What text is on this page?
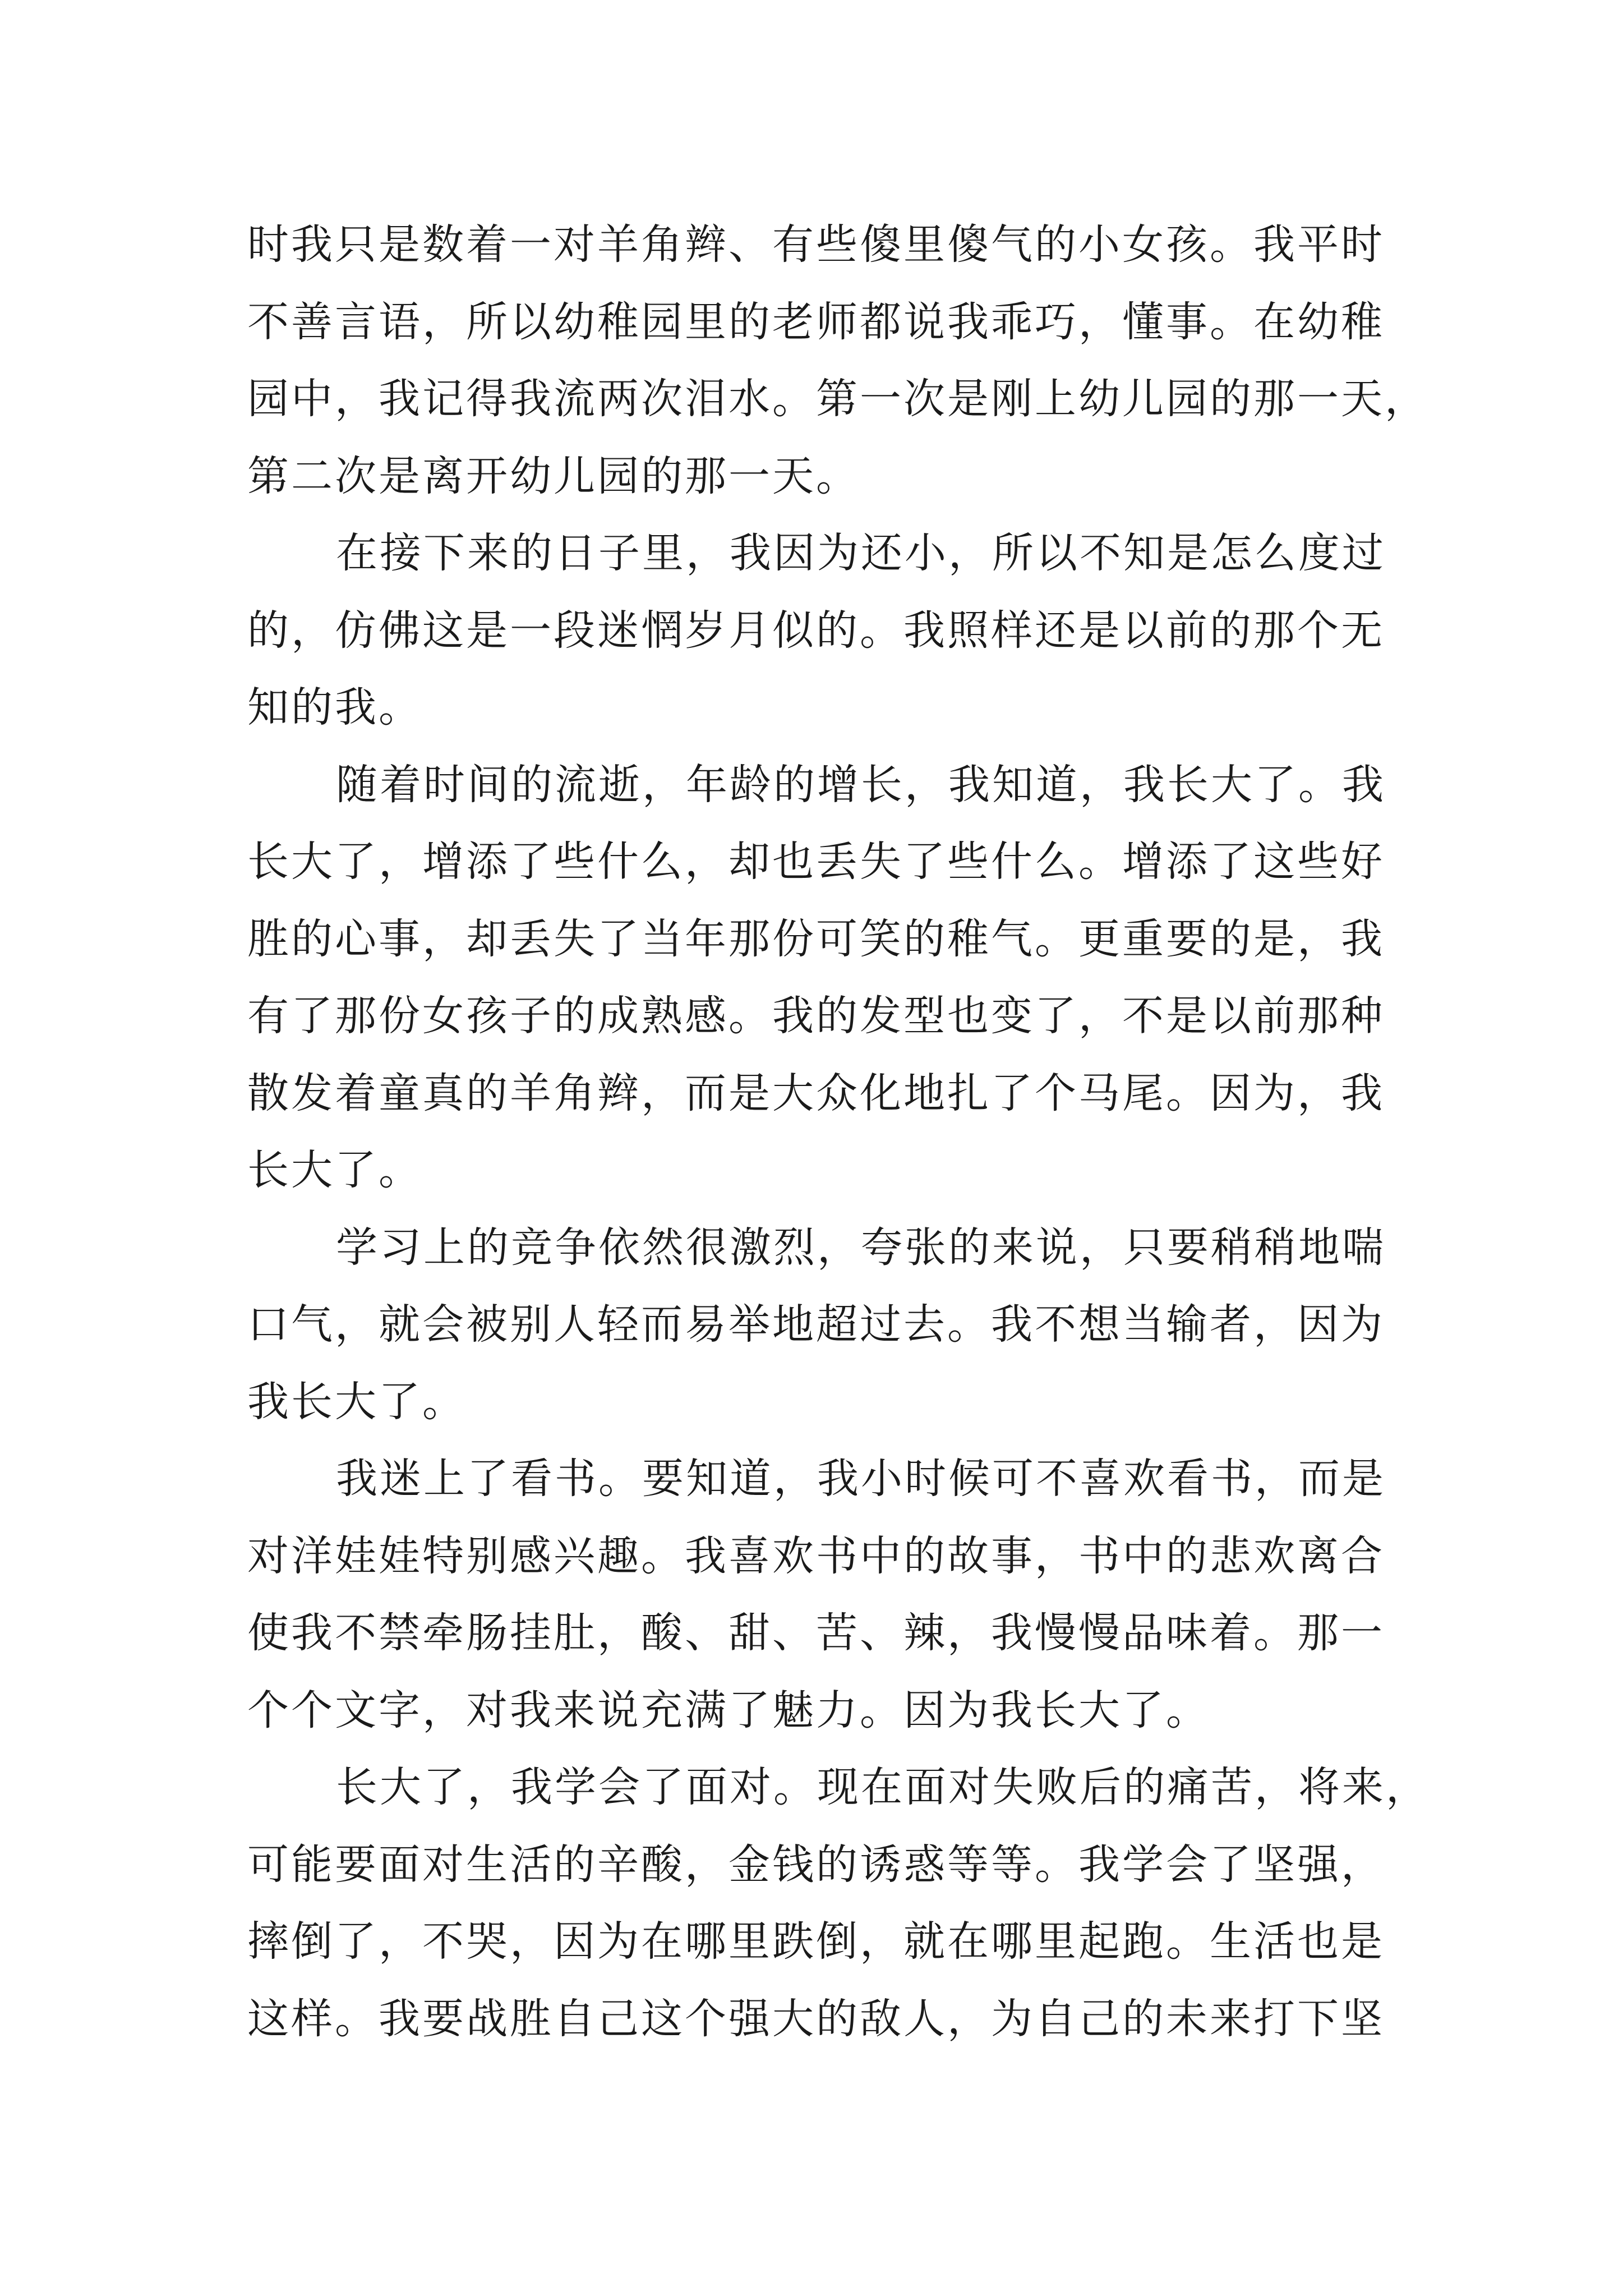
时我只是数着一对羊角辫、有些傻里傻气的小女孩。我平时
不善言语，所以幼稚园里的老师都说我乖巧，懂事。在幼稚
园中，我记得我流两次泪水。第一次是刚上幼儿园的那一天，
第二次是离开幼儿园的那一天。
在接下来的日子里，我因为还小，所以不知是怎么度过
的，仿佛这是一段迷惘岁月似的。我照样还是以前的那个无
知的我。
随着时间的流逝，年龄的增长，我知道，我长大了。我
长大了，增添了些什么，却也丢失了些什么。增添了这些好
胜的心事，却丢失了当年那份可笑的稚气。更重要的是，我
有了那份女孩子的成熟感。我的发型也变了，不是以前那种
散发着童真的羊角辫，而是大众化地扎了个马尾。因为，我
长大了。
学习上的竞争依然很激烈，夸张的来说，只要稍稍地喘
口气，就会被别人轻而易举地超过去。我不想当输者，因为
我长大了。
我迷上了看书。要知道，我小时候可不喜欢看书，而是
对洋娃娃特别感兴趣。我喜欢书中的故事，书中的悲欢离合
使我不禁牵肠挂肚，酸、甜、苦、辣，我慢慢品味着。那一
个个文字，对我来说充满了魅力。因为我长大了。
长大了，我学会了面对。现在面对失败后的痛苦，将来，
可能要面对生活的辛酸，金钱的诱惑等等。我学会了坚强，
摔倒了，不哭，因为在哪里跌倒，就在哪里起跑。生活也是
这样。我要战胜自己这个强大的敌人，为自己的未来打下坚
